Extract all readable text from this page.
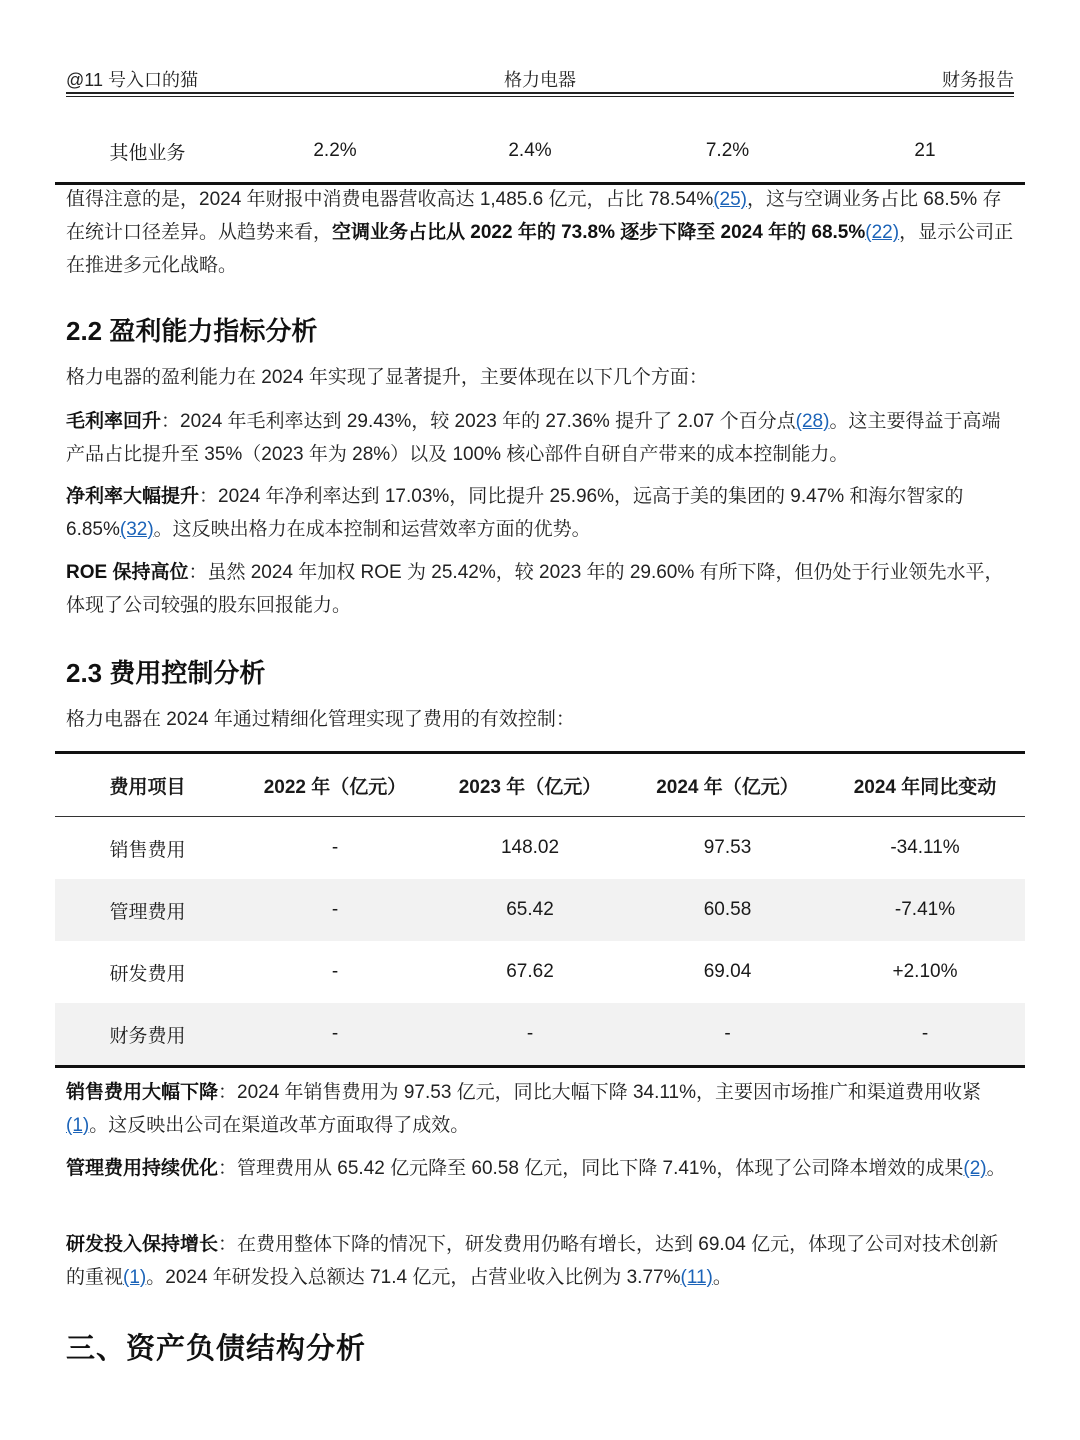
@11 号入口的猫	格力电器	财务报告
其他业务	2.2%	2.4%	7.2%	21

值得注意的是，2024 年财报中消费电器营收高达 1,485.6 亿元，占比 78.54%(25)，这与空调业务占比 68.5% 存在统计口径差异。从趋势来看，空调业务占比从 2022 年的 73.8% 逐步下降至 2024 年的 68.5%(22)，显示公司正在推进多元化战略。

2.2 盈利能力指标分析

格力电器的盈利能力在 2024 年实现了显著提升，主要体现在以下几个方面：

毛利率回升：2024 年毛利率达到 29.43%，较 2023 年的 27.36% 提升了 2.07 个百分点(28)。这主要得益于高端产品占比提升至 35%（2023 年为 28%）以及 100% 核心部件自研自产带来的成本控制能力。

净利率大幅提升：2024 年净利率达到 17.03%，同比提升 25.96%，远高于美的集团的 9.47% 和海尔智家的 6.85%(32)。这反映出格力在成本控制和运营效率方面的优势。

ROE 保持高位：虽然 2024 年加权 ROE 为 25.42%，较 2023 年的 29.60% 有所下降，但仍处于行业领先水平，体现了公司较强的股东回报能力。

2.3 费用控制分析

格力电器在 2024 年通过精细化管理实现了费用的有效控制：

费用项目	2022 年（亿元）	2023 年（亿元）	2024 年（亿元）	2024 年同比变动
销售费用	-	148.02	97.53	-34.11%
管理费用	-	65.42	60.58	-7.41%
研发费用	-	67.62	69.04	+2.10%
财务费用	-	-	-	-

销售费用大幅下降：2024 年销售费用为 97.53 亿元，同比大幅下降 34.11%，主要因市场推广和渠道费用收紧(1)。这反映出公司在渠道改革方面取得了成效。

管理费用持续优化：管理费用从 65.42 亿元降至 60.58 亿元，同比下降 7.41%，体现了公司降本增效的成果(2)。

研发投入保持增长：在费用整体下降的情况下，研发费用仍略有增长，达到 69.04 亿元，体现了公司对技术创新的重视(1)。2024 年研发投入总额达 71.4 亿元，占营业收入比例为 3.77%(11)。

三、资产负债结构分析
